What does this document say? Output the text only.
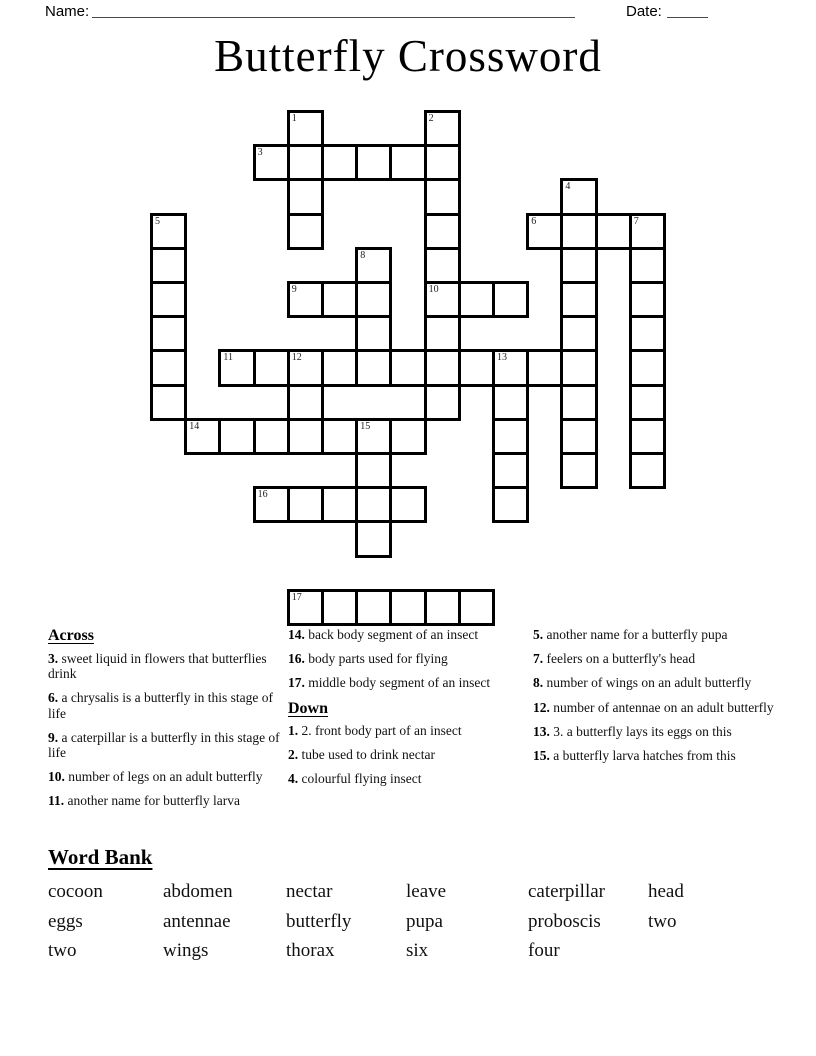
Name:	Date:
Butterfly Crossword
1	2
3
4
5	6	7
8
9	10
11	12	13
14	15
16
17
Across
3. sweet liquid in flowers that butterflies drink
6. a chrysalis is a butterfly in this stage of life
9. a caterpillar is a butterfly in this stage of life
10. number of legs on an adult butterfly
11. another name for butterfly larva
14. back body segment of an insect
16. body parts used for flying
17. middle body segment of an insect
Down
1. 2. front body part of an insect
2. tube used to drink nectar
4. colourful flying insect
5. another name for a butterfly pupa
7. feelers on a butterfly's head
8. number of wings on an adult butterfly
12. number of antennae on an adult butterfly
13. 3. a butterfly lays its eggs on this
15. a butterfly larva hatches from this
Word Bank
cocoon	abdomen	nectar	leave	caterpillar	head
eggs	antennae	butterfly	pupa	proboscis	two
two	wings	thorax	six	four
